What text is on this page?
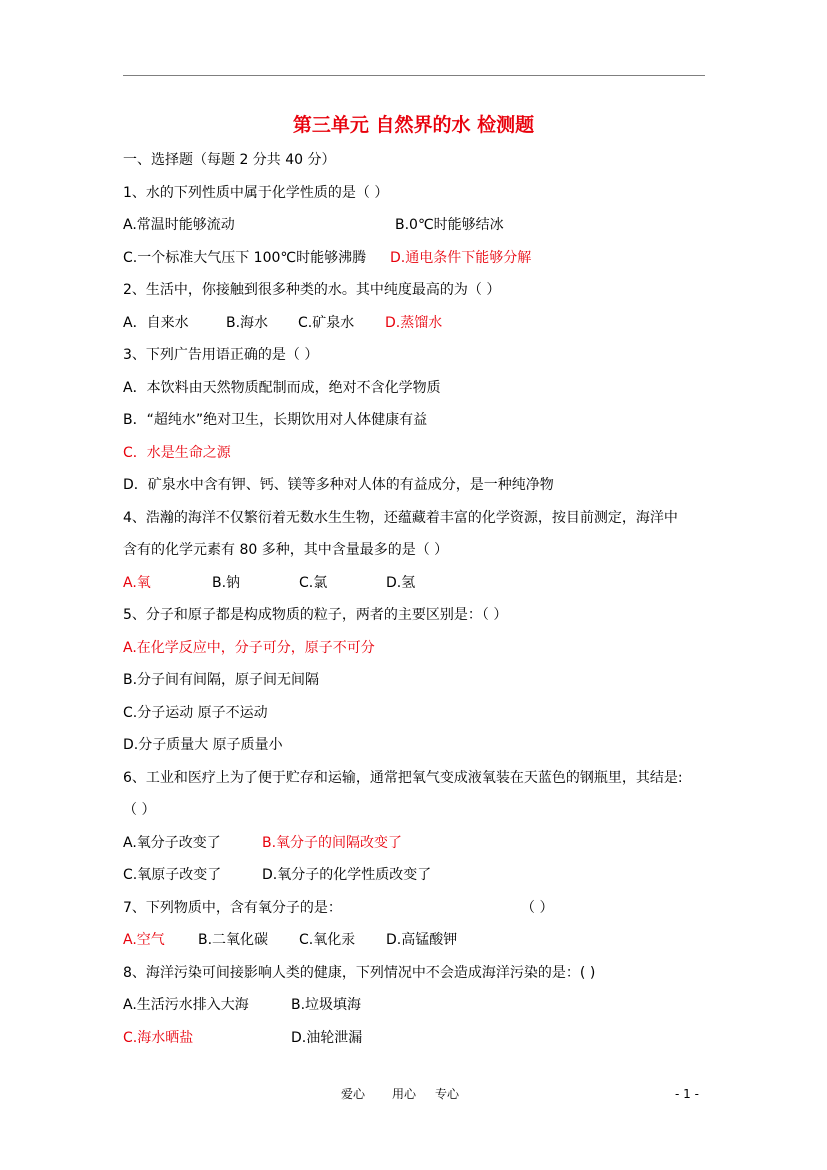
第三单元 自然界的水 检测题
一、选择题（每题 2 分共 40 分）
1、水的下列性质中属于化学性质的是（ ）
A.常温时能够流动	B.0℃时能够结冰
C.一个标准大气压下 100℃时能够沸腾 D.通电条件下能够分解
2、生活中，你接触到很多种类的水。其中纯度最高的为（ ）
A．自来水	B.海水 C.矿泉水 D.蒸馏水
3、下列广告用语正确的是（ ）
A．本饮料由天然物质配制而成，绝对不含化学物质
B．“超纯水”绝对卫生，长期饮用对人体健康有益
C．水是生命之源
D．矿泉水中含有钾、钙、镁等多种对人体的有益成分，是一种纯净物
4、浩瀚的海洋不仅繁衍着无数水生生物，还蕴藏着丰富的化学资源，按目前测定，海洋中
含有的化学元素有 80 多种，其中含量最多的是（ ）
A.氧	B.钠	C.氯	D.氢
5、分子和原子都是构成物质的粒子，两者的主要区别是：（ ）
A.在化学反应中，分子可分，原子不可分
B.分子间有间隔，原子间无间隔
C.分子运动 原子不运动
D.分子质量大 原子质量小
6、工业和医疗上为了便于贮存和运输，通常把氧气变成液氧装在天蓝色的钢瓶里，其结是:
（ ）
A.氧分子改变了	B.氧分子的间隔改变了
C.氧原子改变了	D.氧分子的化学性质改变了
7、下列物质中，含有氧分子的是：	（ ）
A.空气 B.二氧化碳 C.氧化汞 D.高锰酸钾
8、海洋污染可间接影响人类的健康，下列情况中不会造成海洋污染的是：( )
A.生活污水排入大海	B.垃圾填海
C.海水晒盐	D.油轮泄漏
爱心 用心 专心	- 1 -
